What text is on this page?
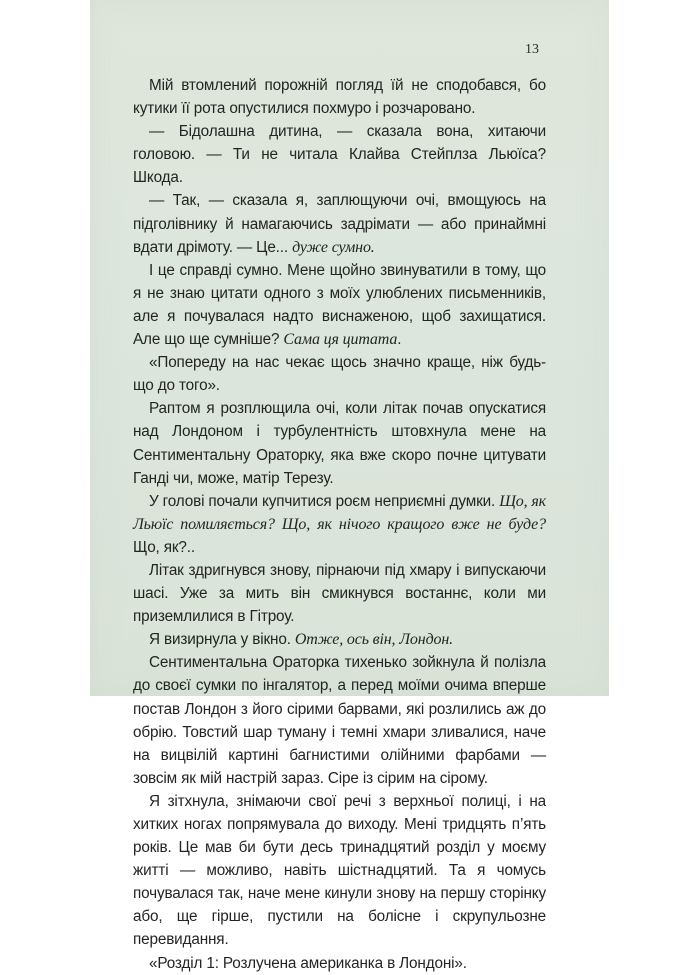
13

Мій втомлений порожній погляд їй не сподобався, бо кутики її рота опустилися похмуро і розчаровано.

— Бідолашна дитина, — сказала вона, хитаючи головою. — Ти не читала Клайва Стейплза Льюїса? Шкода.

— Так, — сказала я, заплющуючи очі, вмощуюсь на підголівнику й намагаючись задрімати — або принаймні вдати дрімоту. — Це... дуже сумно.

І це справді сумно. Мене щойно звинуватили в тому, що я не знаю цитати одного з моїх улюблених письменників, але я почувалася надто виснаженою, щоб захищатися. Але що ще сумніше? Сама ця цитата.

«Попереду на нас чекає щось значно краще, ніж будь-що до того».

Раптом я розплющила очі, коли літак почав опускатися над Лондоном і турбулентність штовхнула мене на Сентиментальну Ораторку, яка вже скоро почне цитувати Ганді чи, може, матір Терезу.

У голові почали купчитися роєм неприємні думки. Що, як Льюїс помиляється? Що, як нічого кращого вже не буде? Що, як?..

Літак здригнувся знову, пірнаючи під хмару і випускаючи шасі. Уже за мить він смикнувся востаннє, коли ми приземлилися в Гітроу.

Я визирнула у вікно. Отже, ось він, Лондон.

Сентиментальна Ораторка тихенько зойкнула й полізла до своєї сумки по інгалятор, а перед моїми очима вперше постав Лондон з його сірими барвами, які розлились аж до обрію. Товстий шар туману і темні хмари зливалися, наче на вицвілій картині багнистими олійними фарбами — зовсім як мій настрій зараз. Сіре із сірим на сірому.

Я зітхнула, знімаючи свої речі з верхньої полиці, і на хитких ногах попрямувала до виходу. Мені тридцять п’ять років. Це мав би бути десь тринадцятий розділ у моєму житті — можливо, навіть шістнадцятий. Та я чомусь почувалася так, наче мене кинули знову на першу сторінку або, ще гірше, пустили на болісне і скрупульозне перевидання.

«Розділ 1: Розлучена американка в Лондоні».
